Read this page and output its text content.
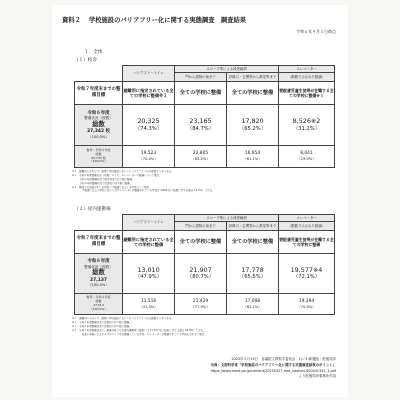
資料２ 学校施設のバリアフリー化に関する実態調査　調査結果
令和６年９月１日時点
１．全体
（１）校舎
	バリアフリートイレ	スロープ等による段差解消		エレベーター
		門から建物の前まで	昇降口・玄関等から教室等まで	（階数で示された数値）
令和７年度末までの整備目標	避難所に指定されている全ての学校に整備※１	全ての学校に整備	全ての学校に整備	要配慮児童生徒等が在籍する全ての学校に整備※１

令和６年度
整備状況（校数）
総数
27,342 校
（100.0%）	20,325
（74.3%）	23,165
（84.7%）	17,820
（65.2%）	8,526※2
（31.2%）

参考：令和４年度
総数
27,733 校
（100.0%）	19,523
（70.4%）	22,805
（82.2%）	16,954
（61.1%）	8,041
（29.0%）
※１　避難所のみならず、通常の学校施設においてもバリアフリー化を推進すべきである。
※２　令和６年度整備状況（校数）のうち、エレベーターの整備について集計。
　　　令和６年度整備状況で既存校舎の約５割に整備。
　　　令和６年度整備状況で設置校の約８割に整備。
※１　階段での段差が生じる学校（２階建て以上）を対象として集計。
　　　　２階建て以上の学校においてはエレベーターが整備されている学校は 3,891 校（総数に対する割合 14.2%）となる。
（２）屋内運動場
	バリアフリートイレ	スロープ等による段差解消		エレベーター
		門から建物の前まで	昇降口・玄関等から教室等まで	（階数で示された数値）
令和７年度末までの整備目標	避難所に指定されている全ての学校に整備	全ての学校に整備	全ての学校に整備	要配慮児童生徒等が在籍する全ての学校に整備

令和６年度
整備状況（校数）
総数
27,137
（100.0%）	13,010
（47.9%）	21,907
（80.7%）	17,778
（65.5%）	19,577※4
（72.1%）

参考：令和４年度
総数
27,514
（100.0%）	11,516
（41.9%）	21,429
（77.9%）	17,098
（62.1%）	19,394
（70.5%）
※１　避難所のみならず、通常の学校施設においてもバリアフリー化を推進すべきである。
※２　令和６年度整備状況で設置校の約５割に整備。
※３　令和６年度整備状況で設置校の約６割に整備。
※４　令和６年度整備状況で、整備対象となる屋内運動場（総数）は 17,577 校（総数に対する割合 64.8%）となる。
　　　　段差の有無にかかわらずスロープ等を整備している学校、エレベーターが整備されている学校を合わせて集計。
2025年５月15日　参議院文教科学委員会　れいわ新選組・舩後靖彦
出典：文部科学省「学校施設のバリアフリー化に関する実態調査結果のポイント」
https://www.mext.go.jp/content/20250327-mxt_sisetuki-000041332_1.pdf
より舩後靖彦事務所作成
